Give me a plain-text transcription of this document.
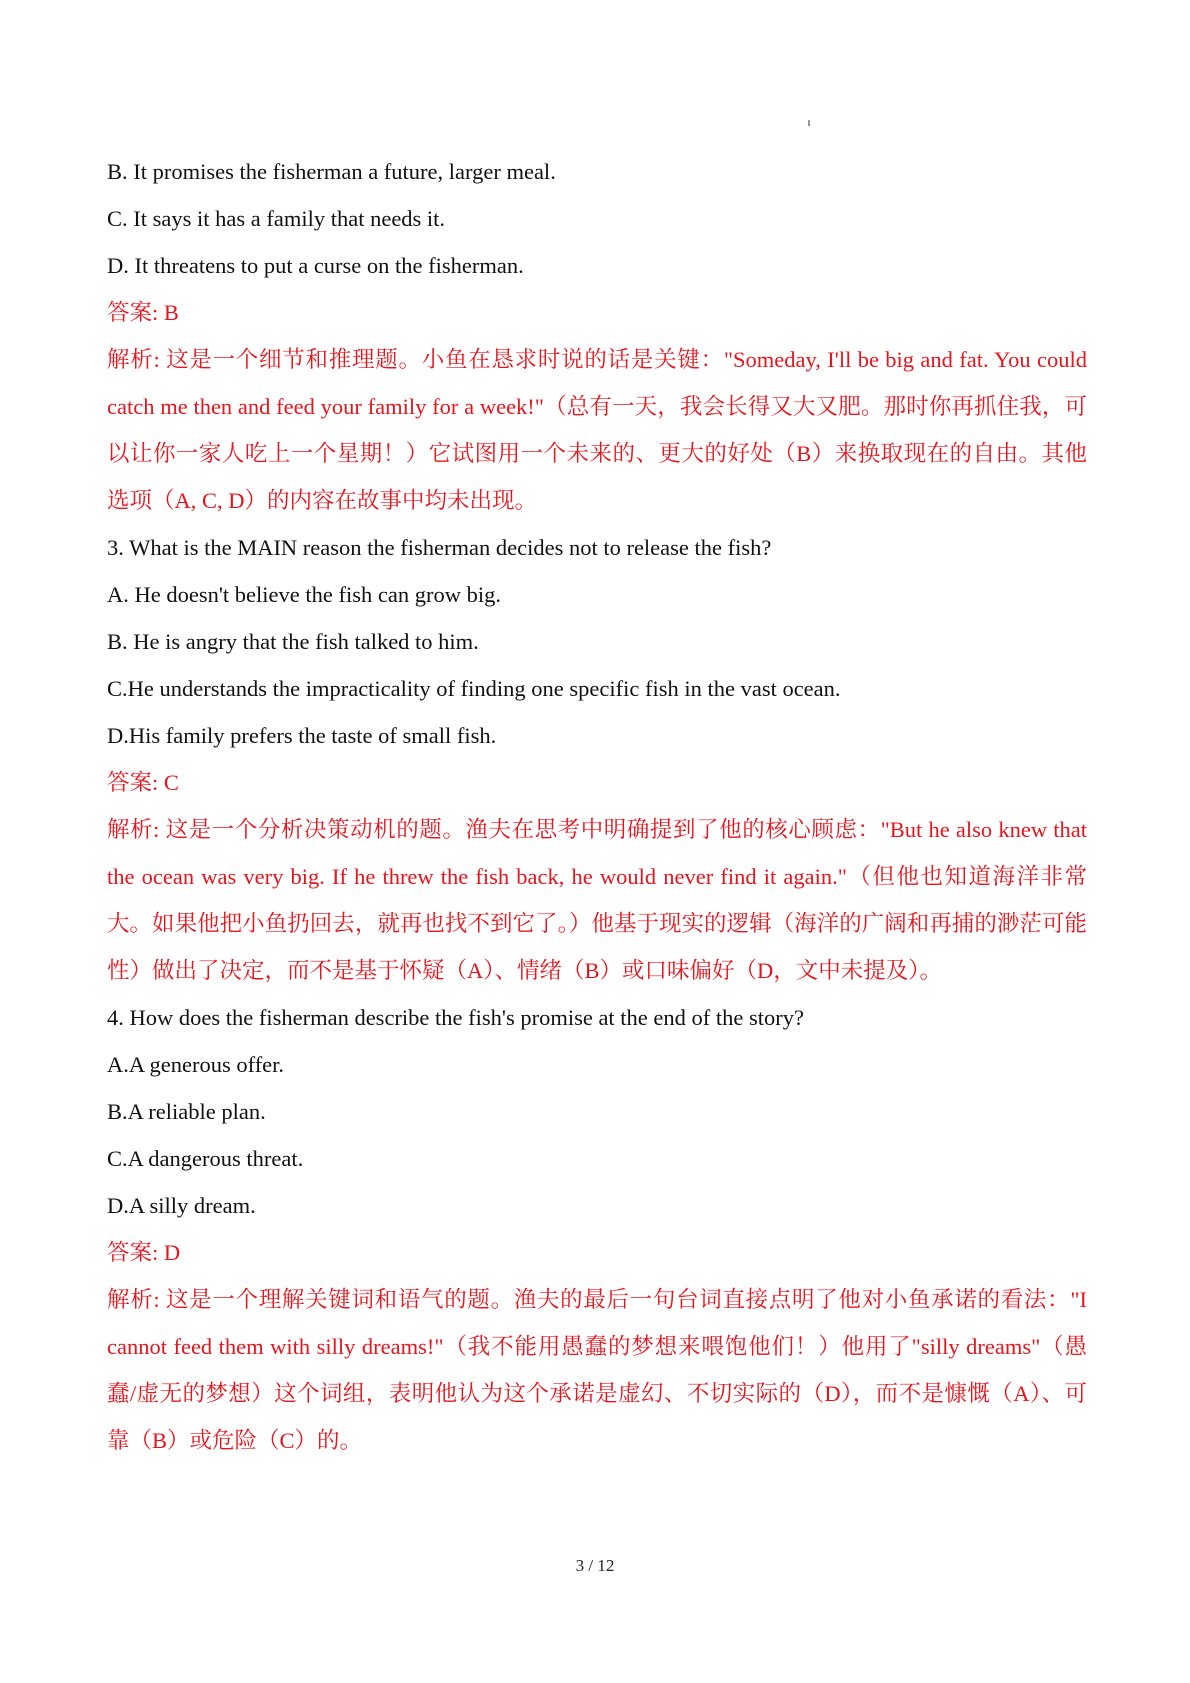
B. It promises the fisherman a future, larger meal.
C. It says it has a family that needs it.
D. It threatens to put a curse on the fisherman.
答案: B
解析: 这是一个细节和推理题。小鱼在恳求时说的话是关键："Someday, I'll be big and fat. You could catch me then and feed your family for a week!"（总有一天，我会长得又大又肥。那时你再抓住我，可以让你一家人吃上一个星期！）它试图用一个未来的、更大的好处（B）来换取现在的自由。其他选项（A, C, D）的内容在故事中均未出现。
3. What is the MAIN reason the fisherman decides not to release the fish?
A. He doesn't believe the fish can grow big.
B. He is angry that the fish talked to him.
C.He understands the impracticality of finding one specific fish in the vast ocean.
D.His family prefers the taste of small fish.
答案: C
解析: 这是一个分析决策动机的题。渔夫在思考中明确提到了他的核心顾虑："But he also knew that the ocean was very big. If he threw the fish back, he would never find it again."（但他也知道海洋非常大。如果他把小鱼扔回去，就再也找不到它了。）他基于现实的逻辑（海洋的广阔和再捕的渺茫可能性）做出了决定，而不是基于怀疑（A）、情绪（B）或口味偏好（D，文中未提及）。
4. How does the fisherman describe the fish's promise at the end of the story?
A.A generous offer.
B.A reliable plan.
C.A dangerous threat.
D.A silly dream.
答案: D
解析: 这是一个理解关键词和语气的题。渔夫的最后一句台词直接点明了他对小鱼承诺的看法："I cannot feed them with silly dreams!"（我不能用愚蠢的梦想来喂饱他们！）他用了"silly dreams"（愚蠢/虚无的梦想）这个词组，表明他认为这个承诺是虚幻、不切实际的（D），而不是慷慨（A）、可靠（B）或危险（C）的。
3 / 12
